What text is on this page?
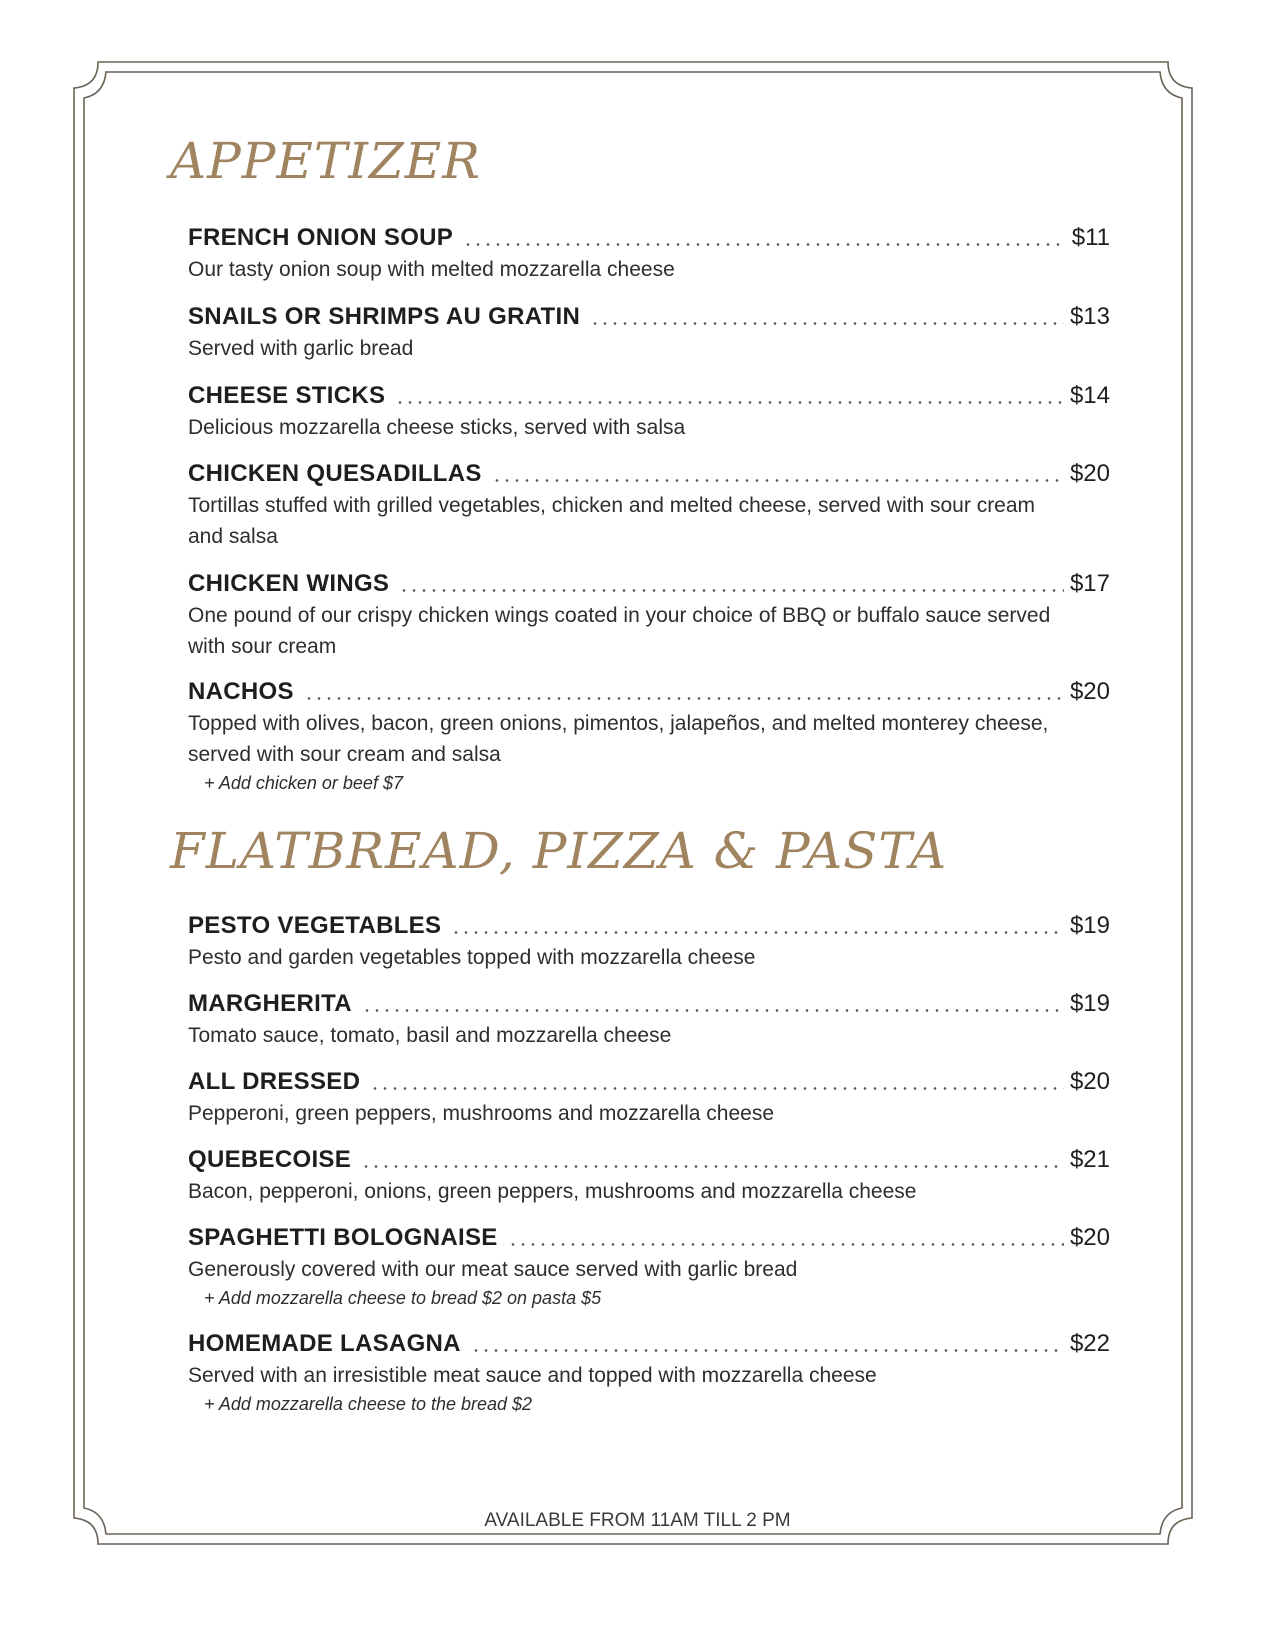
APPETIZER
FRENCH ONION SOUP	$11
Our tasty onion soup with melted mozzarella cheese
SNAILS OR SHRIMPS AU GRATIN	$13
Served with garlic bread
CHEESE STICKS	$14
Delicious mozzarella cheese sticks, served with salsa
CHICKEN QUESADILLAS	$20
Tortillas stuffed with grilled vegetables, chicken and melted cheese, served with sour cream and salsa
CHICKEN WINGS	$17
One pound of our crispy chicken wings coated in your choice of BBQ or buffalo sauce served with sour cream
NACHOS	$20
Topped with olives, bacon, green onions, pimentos, jalapeños, and melted monterey cheese, served with sour cream and salsa
+ Add chicken or beef $7
FLATBREAD, PIZZA & PASTA
PESTO VEGETABLES	$19
Pesto and garden vegetables topped with mozzarella cheese
MARGHERITA	$19
Tomato sauce, tomato, basil and mozzarella cheese
ALL DRESSED	$20
Pepperoni, green peppers, mushrooms and mozzarella cheese
QUEBECOISE	$21
Bacon, pepperoni, onions, green peppers, mushrooms and mozzarella cheese
SPAGHETTI BOLOGNAISE	$20
Generously covered with our meat sauce served with garlic bread
+ Add mozzarella cheese to bread $2 on pasta $5
HOMEMADE LASAGNA	$22
Served with an irresistible meat sauce and topped with mozzarella cheese
+ Add mozzarella cheese to the bread $2
AVAILABLE FROM 11AM TILL 2 PM
